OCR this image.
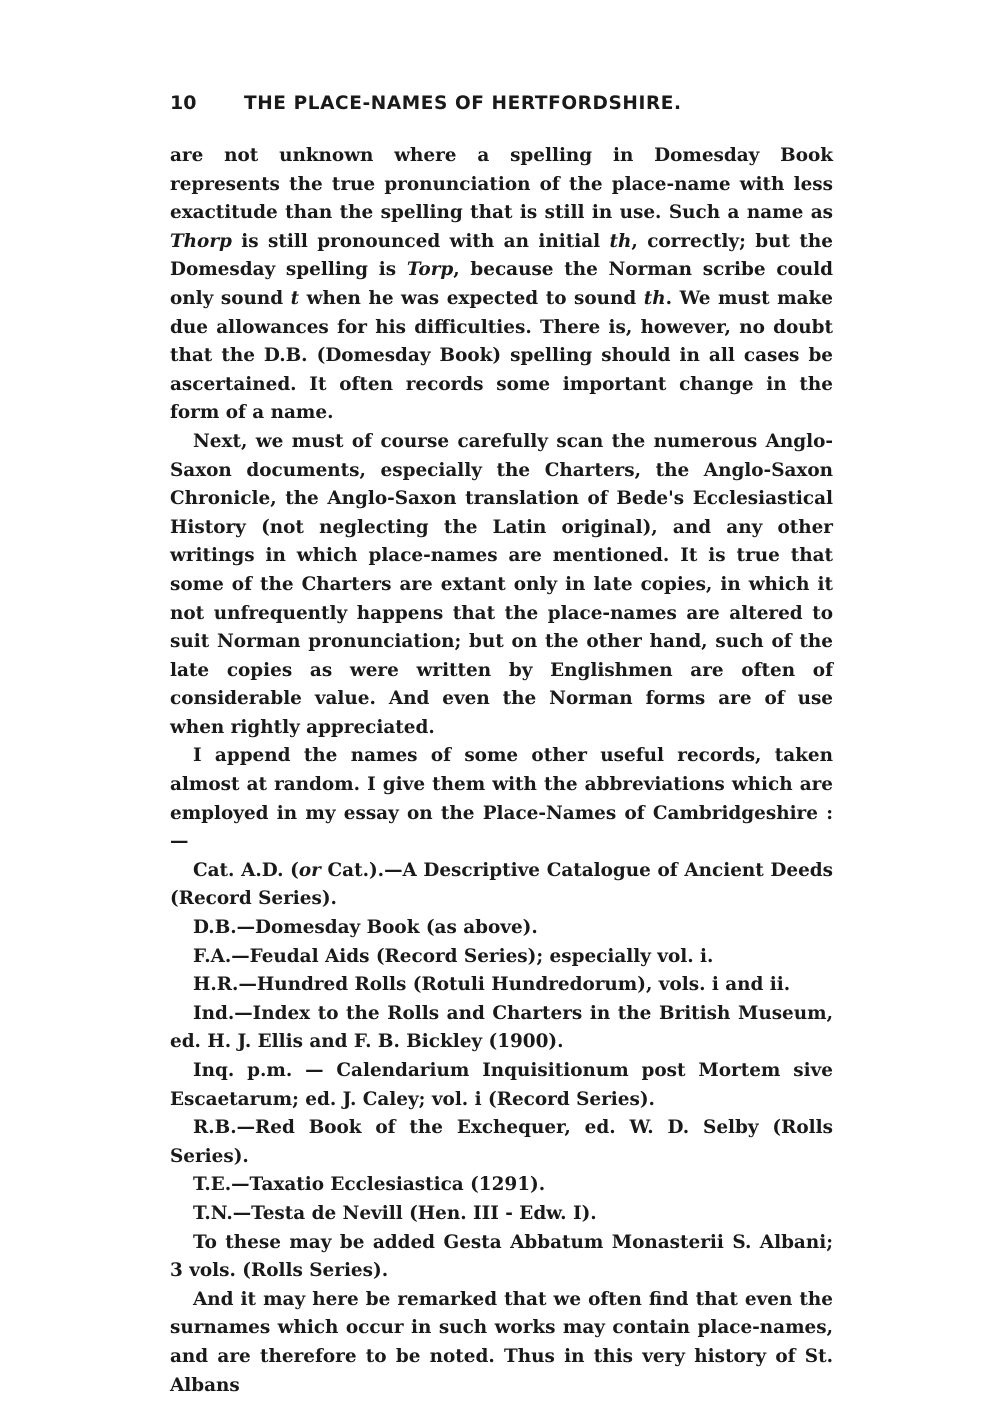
10	THE PLACE-NAMES OF HERTFORDSHIRE.

are not unknown where a spelling in Domesday Book represents the true pronunciation of the place-name with less exactitude than the spelling that is still in use. Such a name as Thorp is still pronounced with an initial th, correctly; but the Domesday spelling is Torp, because the Norman scribe could only sound t when he was expected to sound th. We must make due allowances for his difficulties. There is, however, no doubt that the D.B. (Domesday Book) spelling should in all cases be ascertained. It often records some important change in the form of a name.

Next, we must of course carefully scan the numerous Anglo-Saxon documents, especially the Charters, the Anglo-Saxon Chronicle, the Anglo-Saxon translation of Bede's Ecclesiastical History (not neglecting the Latin original), and any other writings in which place-names are mentioned. It is true that some of the Charters are extant only in late copies, in which it not unfrequently happens that the place-names are altered to suit Norman pronunciation; but on the other hand, such of the late copies as were written by Englishmen are often of considerable value. And even the Norman forms are of use when rightly appreciated.

I append the names of some other useful records, taken almost at random. I give them with the abbreviations which are employed in my essay on the Place-Names of Cambridgeshire :—

Cat. A.D. (or Cat.).—A Descriptive Catalogue of Ancient Deeds (Record Series).

D.B.—Domesday Book (as above).

F.A.—Feudal Aids (Record Series); especially vol. i.

H.R.—Hundred Rolls (Rotuli Hundredorum), vols. i and ii.

Ind.—Index to the Rolls and Charters in the British Museum, ed. H. J. Ellis and F. B. Bickley (1900).

Inq. p.m. — Calendarium Inquisitionum post Mortem sive Escaetarum; ed. J. Caley; vol. i (Record Series).

R.B.—Red Book of the Exchequer, ed. W. D. Selby (Rolls Series).

T.E.—Taxatio Ecclesiastica (1291).

T.N.—Testa de Nevill (Hen. III - Edw. I).

To these may be added Gesta Abbatum Monasterii S. Albani; 3 vols. (Rolls Series).

And it may here be remarked that we often find that even the surnames which occur in such works may contain place-names, and are therefore to be noted. Thus in this very history of St. Albans
